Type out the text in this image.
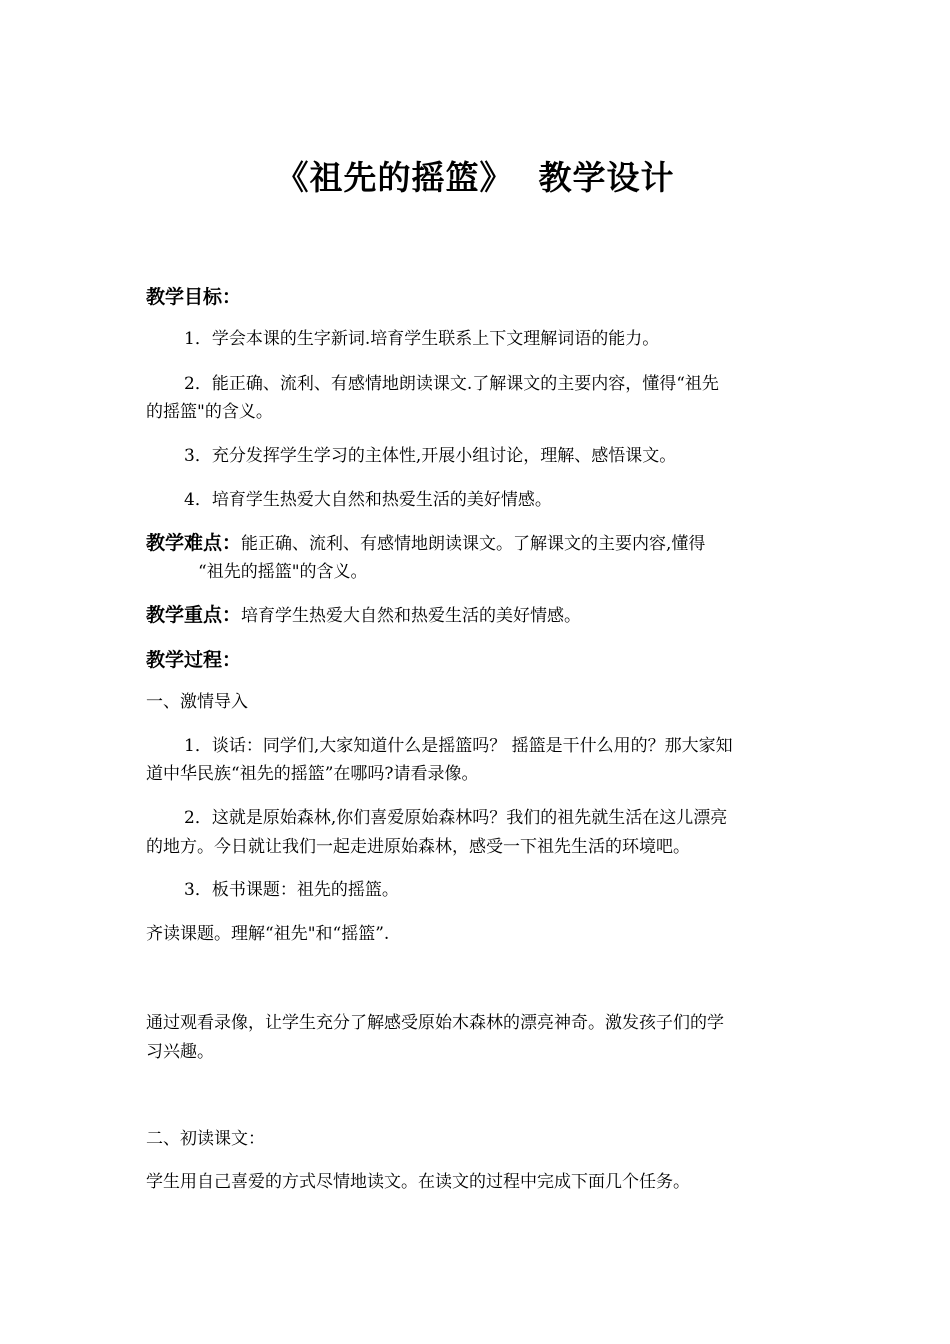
《祖先的摇篮》  教学设计
教学目标：
1．学会本课的生字新词.培育学生联系上下文理解词语的能力。
2．能正确、流利、有感情地朗读课文.了解课文的主要内容，懂得“祖先
的摇篮"的含义。
3．充分发挥学生学习的主体性,开展小组讨论，理解、感悟课文。
4．培育学生热爱大自然和热爱生活的美好情感。
教学难点：能正确、流利、有感情地朗读课文。了解课文的主要内容,懂得
“祖先的摇篮"的含义。
教学重点：培育学生热爱大自然和热爱生活的美好情感。
教学过程：
一、激情导入
1．谈话：同学们,大家知道什么是摇篮吗？ 摇篮是干什么用的？那大家知
道中华民族“祖先的摇篮”在哪吗?请看录像。
2．这就是原始森林,你们喜爱原始森林吗？我们的祖先就生活在这儿漂亮
的地方。今日就让我们一起走进原始森林，感受一下祖先生活的环境吧。
3．板书课题：祖先的摇篮。
齐读课题。理解“祖先"和“摇篮”.
通过观看录像，让学生充分了解感受原始木森林的漂亮神奇。激发孩子们的学
习兴趣。
二、初读课文：
学生用自己喜爱的方式尽情地读文。在读文的过程中完成下面几个任务。
